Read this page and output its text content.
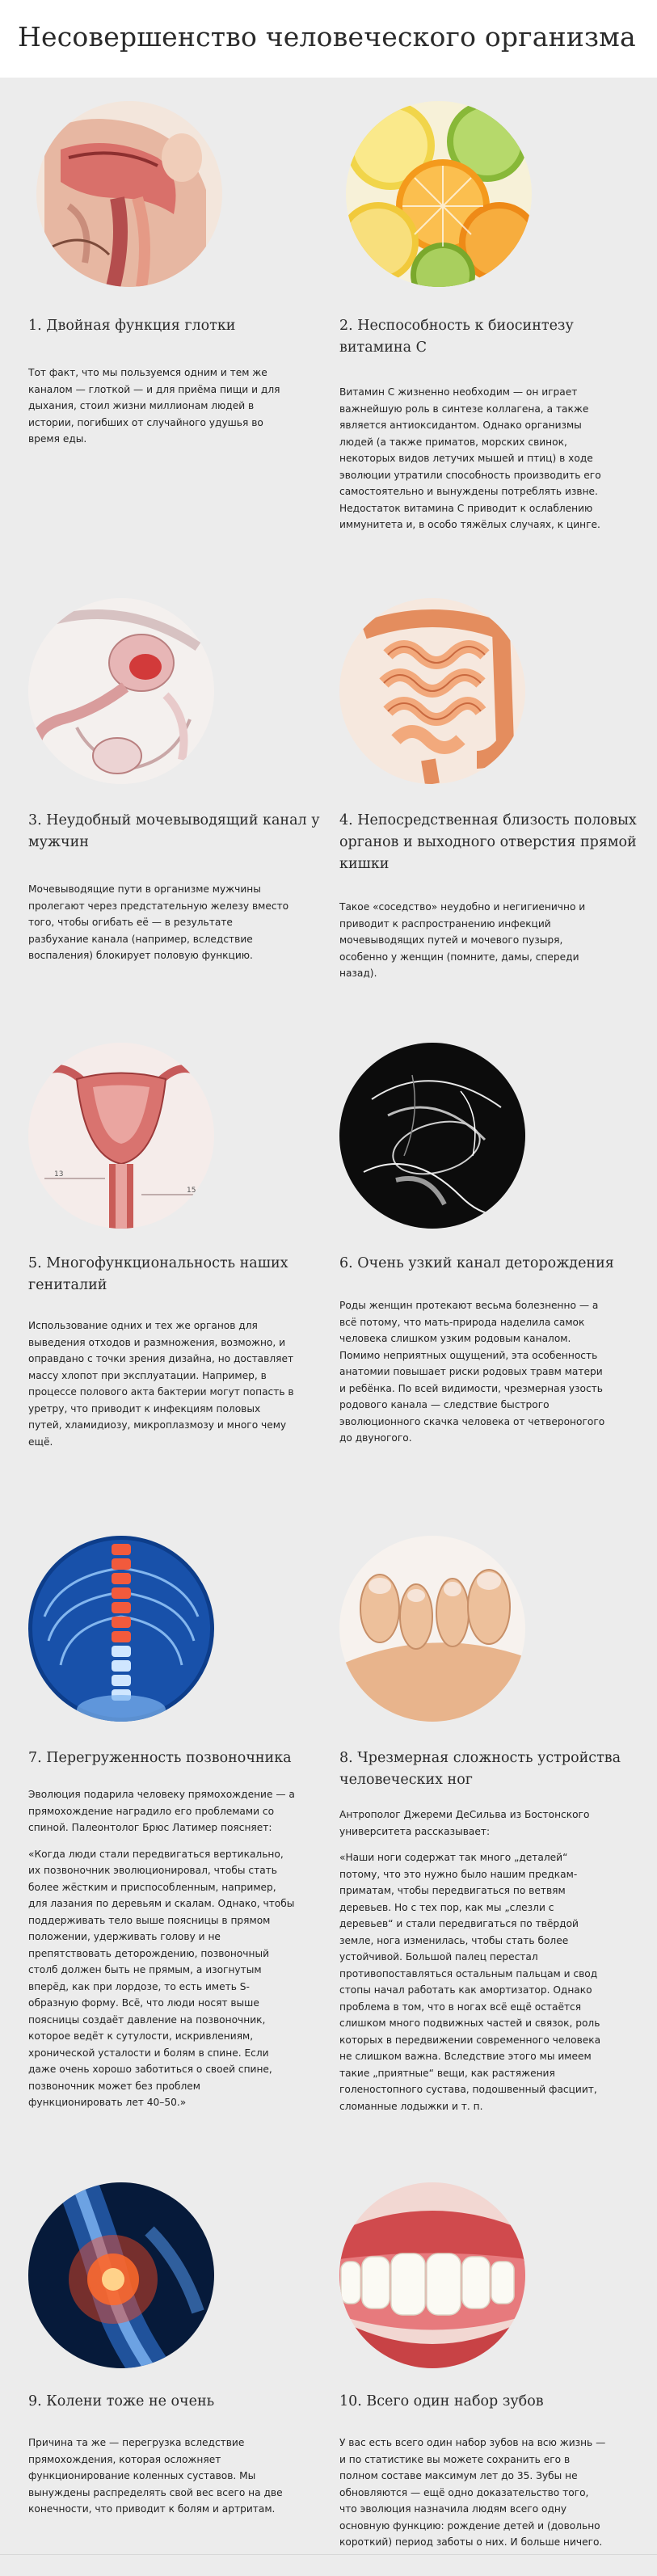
Несовершенство человеческого организма
1. Двойная функция глотки

Тот факт, что мы пользуемся одним и тем же каналом — глоткой — и для приёма пищи и для дыхания, стоил жизни миллионам людей в истории, погибших от случайного удушья во время еды.

2. Неспособность к биосинтезу витамина С

Витамин С жизненно необходим — он играет важнейшую роль в синтезе коллагена, а также является антиоксидантом. Однако организмы людей (а также приматов, морских свинок, некоторых видов летучих мышей и птиц) в ходе эволюции утратили способность производить его самостоятельно и вынуждены потреблять извне. Недостаток витамина С приводит к ослаблению иммунитета и, в особо тяжёлых случаях, к цинге.

3. Неудобный мочевыводящий канал у мужчин

Мочевыводящие пути в организме мужчины пролегают через предстательную железу вместо того, чтобы огибать её — в результате разбухание канала (например, вследствие воспаления) блокирует половую функцию.

4. Непосредственная близость половых органов и выходного отверстия прямой кишки

Такое «соседство» неудобно и негигиенично и приводит к распространению инфекций мочевыводящих путей и мочевого пузыря, особенно у женщин (помните, дамы, спереди назад).

13
15
5. Многофункциональность наших гениталий

Использование одних и тех же органов для выведения отходов и размножения, возможно, и оправдано с точки зрения дизайна, но доставляет массу хлопот при эксплуатации. Например, в процессе полового акта бактерии могут попасть в уретру, что приводит к инфекциям половых путей, хламидиозу, микроплазмозу и много чему ещё.

6. Очень узкий канал деторождения

Роды женщин протекают весьма болезненно — а всё потому, что мать-природа наделила самок человека слишком узким родовым каналом. Помимо неприятных ощущений, эта особенность анатомии повышает риски родовых травм матери и ребёнка. По всей видимости, чрезмерная узость родового канала — следствие быстрого эволюционного скачка человека от четвероногого до двуногого.

7. Перегруженность позвоночника

Эволюция подарила человеку прямохождение — а прямохождение наградило его проблемами со спиной. Палеонтолог Брюс Латимер поясняет:

«Когда люди стали передвигаться вертикально, их позвоночник эволюционировал, чтобы стать более жёстким и приспособленным, например, для лазания по деревьям и скалам. Однако, чтобы поддерживать тело выше поясницы в прямом положении, удерживать голову и не препятствовать деторождению, позвоночный столб должен быть не прямым, а изогнутым вперёд, как при лордозе, то есть иметь S-образную форму. Всё, что люди носят выше поясницы создаёт давление на позвоночник, которое ведёт к сутулости, искривлениям, хронической усталости и болям в спине. Если даже очень хорошо заботиться о своей спине, позвоночник может без проблем функционировать лет 40–50.»

8. Чрезмерная сложность устройства человеческих ног

Антрополог Джереми ДеСильва из Бостонского университета рассказывает:

«Наши ноги содержат так много „деталей“ потому, что это нужно было нашим предкам-приматам, чтобы передвигаться по ветвям деревьев. Но с тех пор, как мы „слезли с деревьев“ и стали передвигаться по твёрдой земле, нога изменилась, чтобы стать более устойчивой. Большой палец перестал противопоставляться остальным пальцам и свод стопы начал работать как амортизатор. Однако проблема в том, что в ногах всё ещё остаётся слишком много подвижных частей и связок, роль которых в передвижении современного человека не слишком важна. Вследствие этого мы имеем такие „приятные“ вещи, как растяжения голеностопного сустава, подошвенный фасциит, сломанные лодыжки и т. п.

9. Колени тоже не очень

Причина та же — перегрузка вследствие прямохождения, которая осложняет функционирование коленных суставов. Мы вынуждены распределять свой вес всего на две конечности, что приводит к болям и артритам.

10. Всего один набор зубов

У вас есть всего один набор зубов на всю жизнь — и по статистике вы можете сохранить его в полном составе максимум лет до 35. Зубы не обновляются — ещё одно доказательство того, что эволюция назначила людям всего одну основную функцию: рождение детей и (довольно короткий) период заботы о них. И больше ничего.
